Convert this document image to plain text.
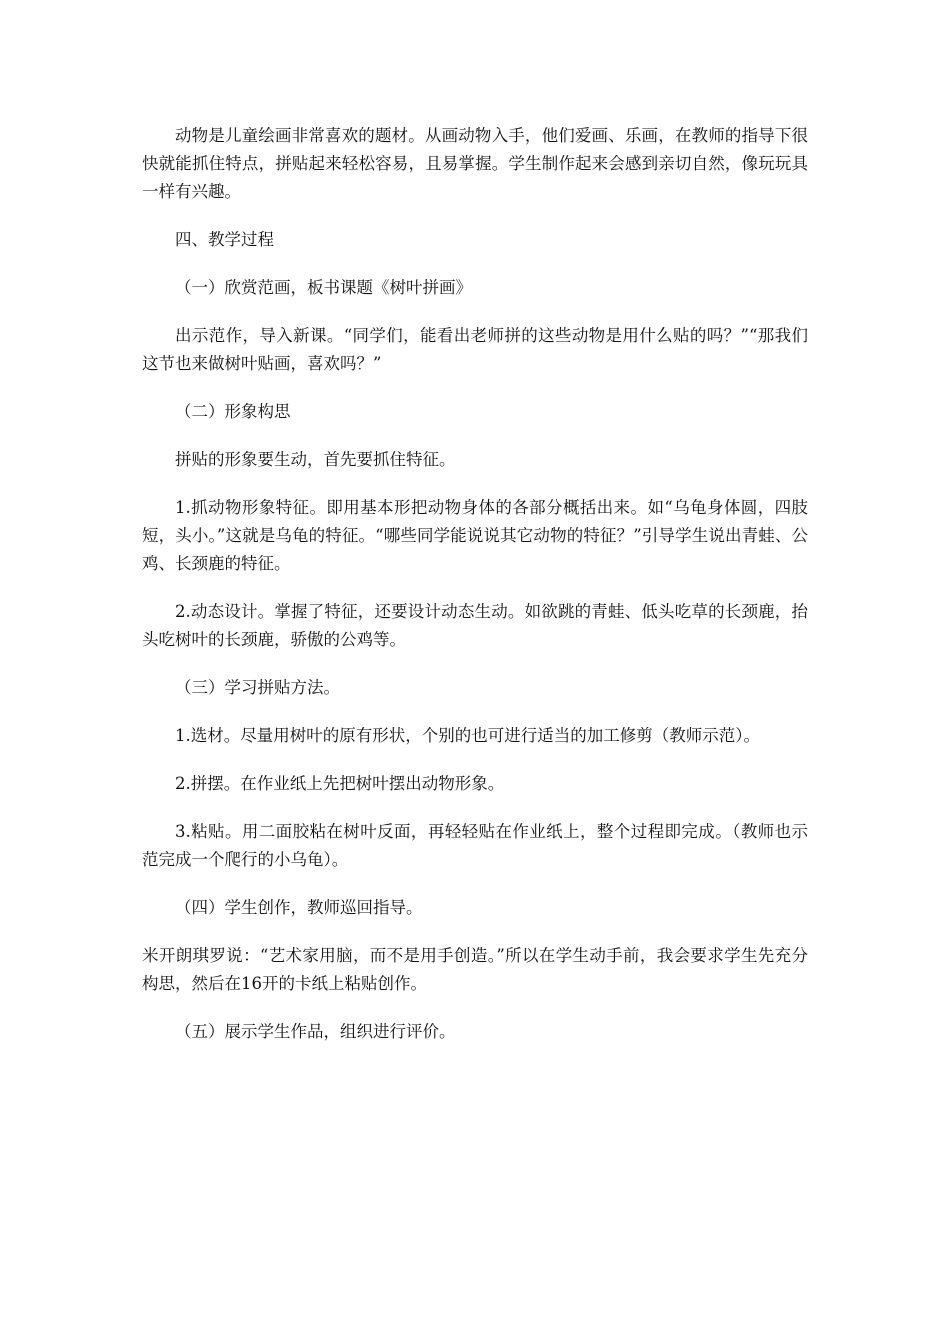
动物是儿童绘画非常喜欢的题材。从画动物入手，他们爱画、乐画，在教师的指导下很快就能抓住特点，拼贴起来轻松容易，且易掌握。学生制作起来会感到亲切自然，像玩玩具一样有兴趣。

四、教学过程

（一）欣赏范画，板书课题《树叶拼画》

出示范作，导入新课。“同学们，能看出老师拼的这些动物是用什么贴的吗？”“那我们这节也来做树叶贴画，喜欢吗？”

（二）形象构思

拼贴的形象要生动，首先要抓住特征。

1.抓动物形象特征。即用基本形把动物身体的各部分概括出来。如“乌龟身体圆，四肢短，头小。”这就是乌龟的特征。“哪些同学能说说其它动物的特征？”引导学生说出青蛙、公鸡、长颈鹿的特征。

2.动态设计。掌握了特征，还要设计动态生动。如欲跳的青蛙、低头吃草的长颈鹿，抬头吃树叶的长颈鹿，骄傲的公鸡等。

（三）学习拼贴方法。

1.选材。尽量用树叶的原有形状，个别的也可进行适当的加工修剪（教师示范）。

2.拼摆。在作业纸上先把树叶摆出动物形象。

3.粘贴。用二面胶粘在树叶反面，再轻轻贴在作业纸上，整个过程即完成。（教师也示范完成一个爬行的小乌龟）。

（四）学生创作，教师巡回指导。

米开朗琪罗说：“艺术家用脑，而不是用手创造。”所以在学生动手前，我会要求学生先充分构思，然后在16开的卡纸上粘贴创作。

（五）展示学生作品，组织进行评价。
